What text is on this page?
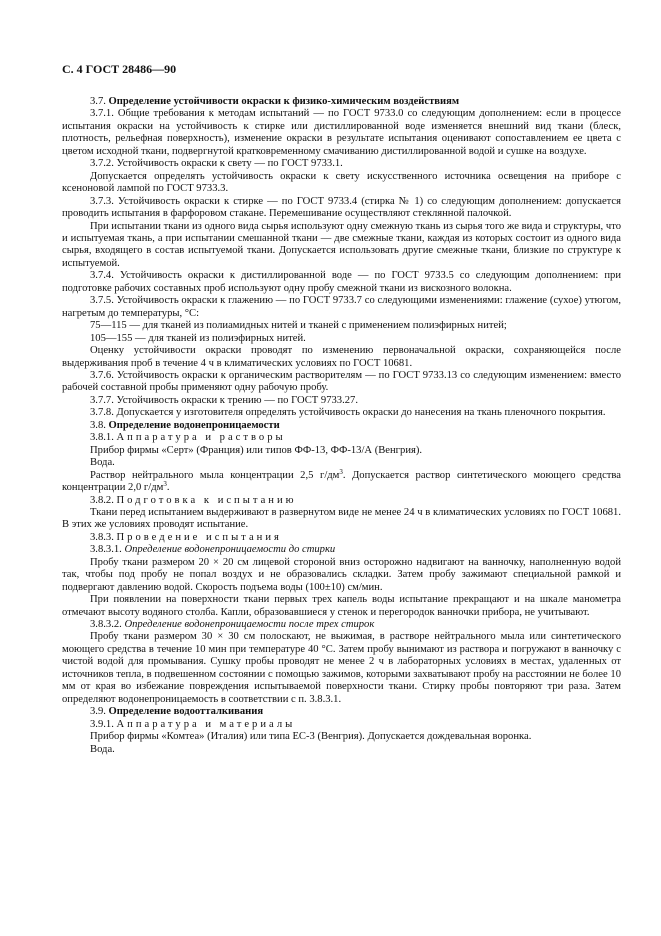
С. 4 ГОСТ 28486—90

3.7. Определение устойчивости окраски к физико-химическим воздействиям

3.7.1. Общие требования к методам испытаний — по ГОСТ 9733.0 со следующим дополнением: если в процессе испытания окраски на устойчивость к стирке или дистиллированной воде изменяется внешний вид ткани (блеск, плотность, рельефная поверхность), изменение окраски в результате испытания оценивают сопоставлением ее цвета с цветом исходной ткани, подвергнутой кратковременному смачиванию дистиллированной водой и сушке на воздухе.

3.7.2. Устойчивость окраски к свету — по ГОСТ 9733.1.

Допускается определять устойчивость окраски к свету искусственного источника освещения на приборе с ксеноновой лампой по ГОСТ 9733.3.

3.7.3. Устойчивость окраски к стирке — по ГОСТ 9733.4 (стирка № 1) со следующим дополнением: допускается проводить испытания в фарфоровом стакане. Перемешивание осуществляют стеклянной палочкой.

При испытании ткани из одного вида сырья используют одну смежную ткань из сырья того же вида и структуры, что и испытуемая ткань, а при испытании смешанной ткани — две смежные ткани, каждая из которых состоит из одного вида сырья, входящего в состав испытуемой ткани. Допускается использовать другие смежные ткани, близкие по структуре к испытуемой.

3.7.4. Устойчивость окраски к дистиллированной воде — по ГОСТ 9733.5 со следующим дополнением: при подготовке рабочих составных проб используют одну пробу смежной ткани из вискозного волокна.

3.7.5. Устойчивость окраски к глажению — по ГОСТ 9733.7 со следующими изменениями: глажение (сухое) утюгом, нагретым до температуры, °С:

75—115 — для тканей из полиамидных нитей и тканей с применением полиэфирных нитей;

105—155 — для тканей из полиэфирных нитей.

Оценку устойчивости окраски проводят по изменению первоначальной окраски, сохраняющейся после выдерживания проб в течение 4 ч в климатических условиях по ГОСТ 10681.

3.7.6. Устойчивость окраски к органическим растворителям — по ГОСТ 9733.13 со следующим изменением: вместо рабочей составной пробы применяют одну рабочую пробу.

3.7.7. Устойчивость окраски к трению — по ГОСТ 9733.27.

3.7.8. Допускается у изготовителя определять устойчивость окраски до нанесения на ткань пленочного покрытия.

3.8. Определение водонепроницаемости

3.8.1. Аппаратура и растворы

Прибор фирмы «Серт» (Франция) или типов ФФ-13, ФФ-13/А (Венгрия).

Вода.

Раствор нейтрального мыла концентрации 2,5 $г/дм^3$. Допускается раствор синтетического моющего средства концентрации 2,0 $г/дм^3$.

3.8.2. Подготовка к испытанию

Ткани перед испытанием выдерживают в развернутом виде не менее 24 ч в климатических условиях по ГОСТ 10681. В этих же условиях проводят испытание.

3.8.3. Проведение испытания

3.8.3.1. Определение водонепроницаемости до стирки

Пробу ткани размером 20 × 20 см лицевой стороной вниз осторожно надвигают на ванночку, наполненную водой так, чтобы под пробу не попал воздух и не образовались складки. Затем пробу зажимают специальной рамкой и подвергают давлению водой. Скорость подъема воды (100±10) см/мин.

При появлении на поверхности ткани первых трех капель воды испытание прекращают и на шкале манометра отмечают высоту водяного столба. Капли, образовавшиеся у стенок и перегородок ванночки прибора, не учитывают.

3.8.3.2. Определение водонепроницаемости после трех стирок

Пробу ткани размером 30 × 30 см полоскают, не выжимая, в растворе нейтрального мыла или синтетического моющего средства в течение 10 мин при температуре 40 °С. Затем пробу вынимают из раствора и погружают в ванночку с чистой водой для промывания. Сушку пробы проводят не менее 2 ч в лабораторных условиях в местах, удаленных от источников тепла, в подвешенном состоянии с помощью зажимов, которыми захватывают пробу на расстоянии не более 10 мм от края во избежание повреждения испытываемой поверхности ткани. Стирку пробы повторяют три раза. Затем определяют водонепроницаемость в соответствии с п. 3.8.3.1.

3.9. Определение водоотталкивания

3.9.1. Аппаратура и материалы

Прибор фирмы «Комтеа» (Италия) или типа ЕС-3 (Венгрия). Допускается дождевальная воронка.

Вода.
